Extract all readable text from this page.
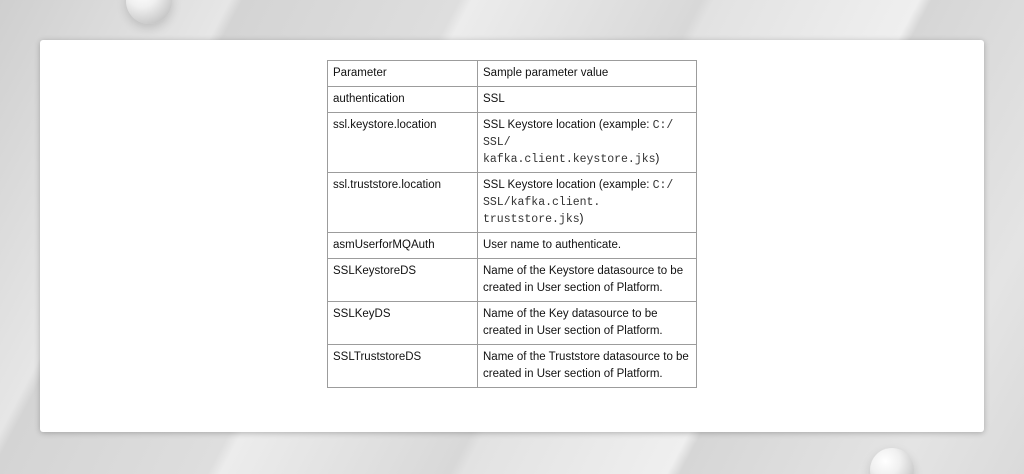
Parameter	Sample parameter value
authentication	SSL
ssl.keystore.location	SSL Keystore location (example: C:/
SSL/
kafka.client.keystore.jks)
ssl.truststore.location	SSL Keystore location (example: C:/
SSL/kafka.client.
truststore.jks)
asmUserforMQAuth	User name to authenticate.
SSLKeystoreDS	Name of the Keystore datasource to be created in User section of Platform.
SSLKeyDS	Name of the Key datasource to be created in User section of Platform.
SSLTruststoreDS	Name of the Truststore datasource to be created in User section of Platform.
